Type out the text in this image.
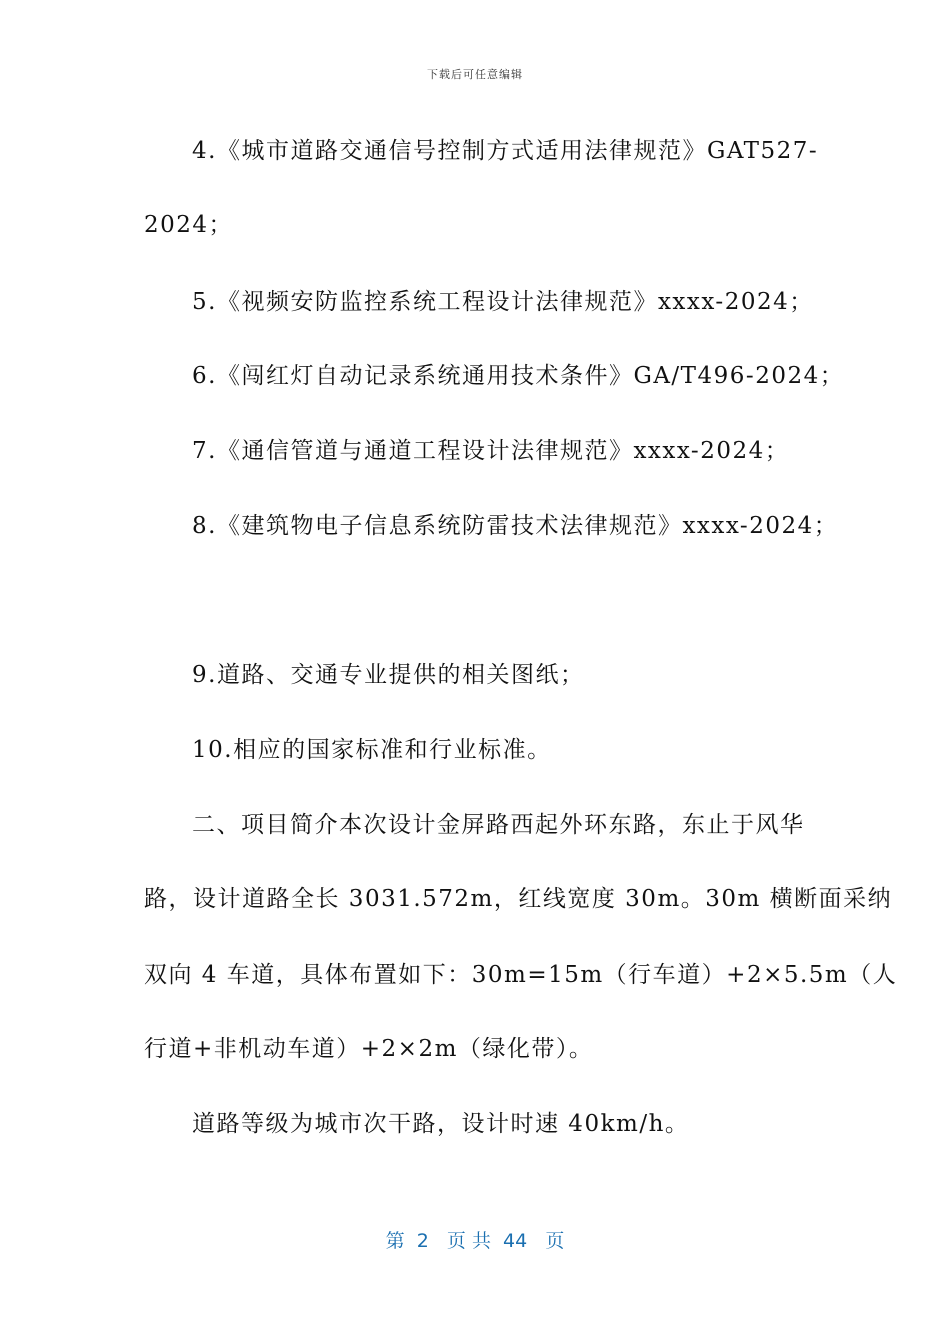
下载后可任意编辑
4.《城市道路交通信号控制方式适用法律规范》GAT527-
2024；
5.《视频安防监控系统工程设计法律规范》xxxx-2024；
6.《闯红灯自动记录系统通用技术条件》GA/T496-2024；
7.《通信管道与通道工程设计法律规范》xxxx-2024；
8.《建筑物电子信息系统防雷技术法律规范》xxxx-2024；
9.道路、交通专业提供的相关图纸；
10.相应的国家标准和行业标准。
二、项目简介本次设计金屏路西起外环东路，东止于风华
路，设计道路全长 3031.572m，红线宽度 30m。30m 横断面采纳
双向 4 车道，具体布置如下：30m=15m（行车道）+2×5.5m（人
行道+非机动车道）+2×2m（绿化带）。
道路等级为城市次干路，设计时速 40km/h。
第  2   页 共  44   页
